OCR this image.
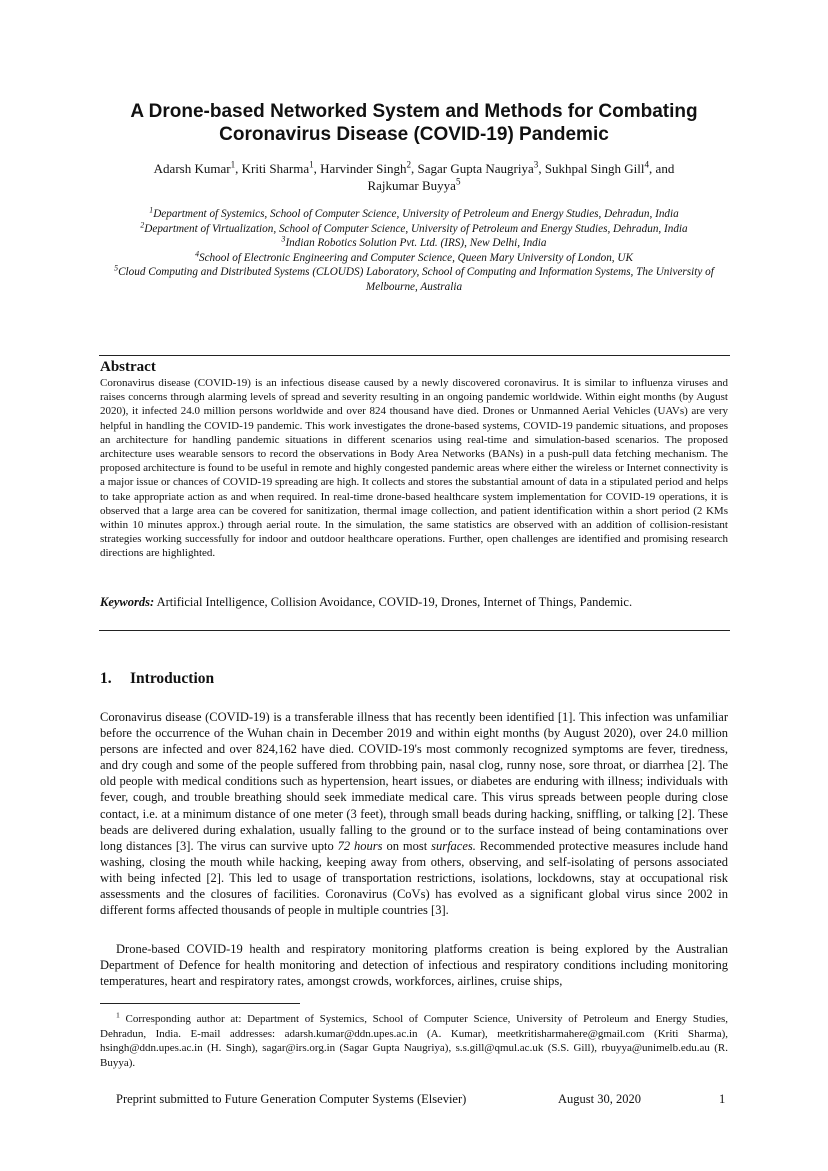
A Drone-based Networked System and Methods for Combating Coronavirus Disease (COVID-19) Pandemic
Adarsh Kumar$^1$, Kriti Sharma$^1$, Harvinder Singh$^2$, Sagar Gupta Naugriya$^3$, Sukhpal Singh Gill$^4$, and
Rajkumar Buyya$^5$
$^1$Department of Systemics, School of Computer Science, University of Petroleum and Energy Studies, Dehradun, India
$^2$Department of Virtualization, School of Computer Science, University of Petroleum and Energy Studies, Dehradun, India
$^3$Indian Robotics Solution Pvt. Ltd. (IRS), New Delhi, India
$^4$School of Electronic Engineering and Computer Science, Queen Mary University of London, UK
$^5$Cloud Computing and Distributed Systems (CLOUDS) Laboratory, School of Computing and Information Systems, The University of Melbourne, Australia
Abstract
Coronavirus disease (COVID-19) is an infectious disease caused by a newly discovered coronavirus. It is similar to influenza viruses and raises concerns through alarming levels of spread and severity resulting in an ongoing pandemic worldwide. Within eight months (by August 2020), it infected 24.0 million persons worldwide and over 824 thousand have died. Drones or Unmanned Aerial Vehicles (UAVs) are very helpful in handling the COVID-19 pandemic. This work investigates the drone-based systems, COVID-19 pandemic situations, and proposes an architecture for handling pandemic situations in different scenarios using real-time and simulation-based scenarios. The proposed architecture uses wearable sensors to record the observations in Body Area Networks (BANs) in a push-pull data fetching mechanism. The proposed architecture is found to be useful in remote and highly congested pandemic areas where either the wireless or Internet connectivity is a major issue or chances of COVID-19 spreading are high. It collects and stores the substantial amount of data in a stipulated period and helps to take appropriate action as and when required. In real-time drone-based healthcare system implementation for COVID-19 operations, it is observed that a large area can be covered for sanitization, thermal image collection, and patient identification within a short period (2 KMs within 10 minutes approx.) through aerial route. In the simulation, the same statistics are observed with an addition of collision-resistant strategies working successfully for indoor and outdoor healthcare operations. Further, open challenges are identified and promising research directions are highlighted.
Keywords: Artificial Intelligence, Collision Avoidance, COVID-19, Drones, Internet of Things, Pandemic.
1. Introduction
Coronavirus disease (COVID-19) is a transferable illness that has recently been identified [1]. This infection was unfamiliar before the occurrence of the Wuhan chain in December 2019 and within eight months (by August 2020), over 24.0 million persons are infected and over 824,162 have died. COVID-19's most commonly recognized symptoms are fever, tiredness, and dry cough and some of the people suffered from throbbing pain, nasal clog, runny nose, sore throat, or diarrhea [2]. The old people with medical conditions such as hypertension, heart issues, or diabetes are enduring with illness; individuals with fever, cough, and trouble breathing should seek immediate medical care. This virus spreads between people during close contact, i.e. at a minimum distance of one meter (3 feet), through small beads during hacking, sniffling, or talking [2]. These beads are delivered during exhalation, usually falling to the ground or to the surface instead of being contaminations over long distances [3]. The virus can survive upto 72 hours on most surfaces. Recommended protective measures include hand washing, closing the mouth while hacking, keeping away from others, observing, and self-isolating of persons associated with being infected [2]. This led to usage of transportation restrictions, isolations, lockdowns, stay at occupational risk assessments and the closures of facilities. Coronavirus (CoVs) has evolved as a significant global virus since 2002 in different forms affected thousands of people in multiple countries [3].
Drone-based COVID-19 health and respiratory monitoring platforms creation is being explored by the Australian Department of Defence for health monitoring and detection of infectious and respiratory conditions including monitoring temperatures, heart and respiratory rates, amongst crowds, workforces, airlines, cruise ships,
$^1$ Corresponding author at: Department of Systemics, School of Computer Science, University of Petroleum and Energy Studies, Dehradun, India. E-mail addresses: adarsh.kumar@ddn.upes.ac.in (A. Kumar), meetkritisharmahere@gmail.com (Kriti Sharma), hsingh@ddn.upes.ac.in (H. Singh), sagar@irs.org.in (Sagar Gupta Naugriya), s.s.gill@qmul.ac.uk (S.S. Gill), rbuyya@unimelb.edu.au (R. Buyya).
Preprint submitted to Future Generation Computer Systems (Elsevier)	August 30, 2020	1
